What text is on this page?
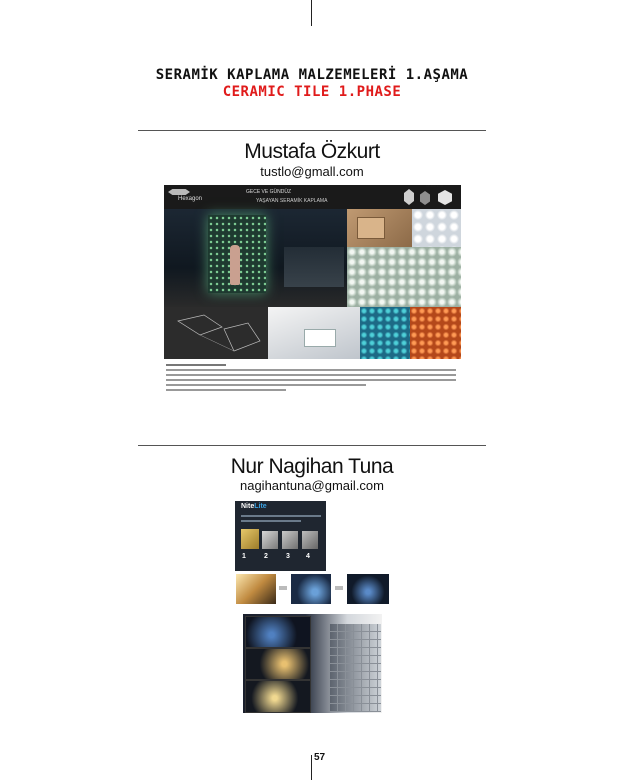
SERAMİK KAPLAMA MALZEMELERİ 1.AŞAMA
CERAMIC TILE 1.PHASE
Mustafa Özkurt
tustlo@gmall.com
Hexagon
GECE VE GÜNDÜZ
YAŞAYAN SERAMİK KAPLAMA
M085125
Nur Nagihan Tuna
nagihantuna@gmail.com
NiteLite
1	2	3 4
57
